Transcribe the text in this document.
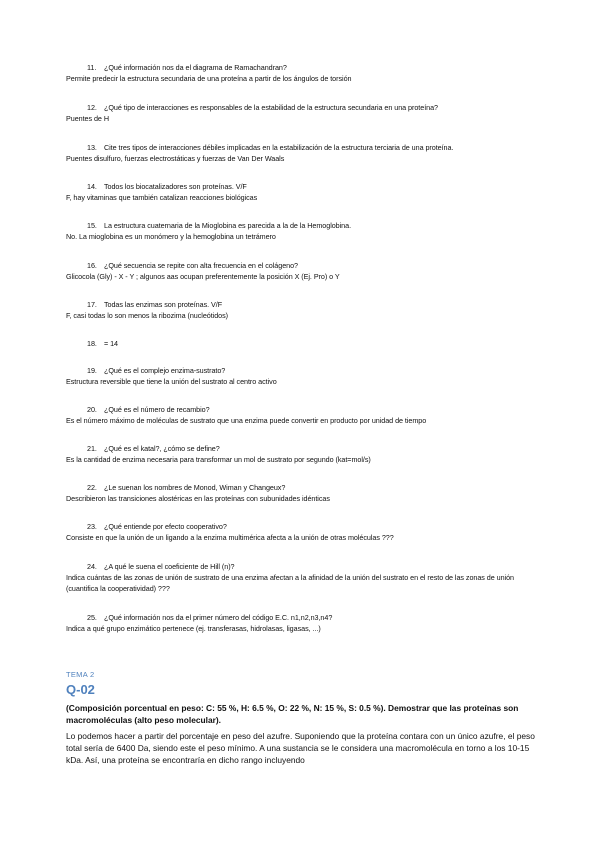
11. ¿Qué información nos da el diagrama de Ramachandran?
Permite predecir la estructura secundaria de una proteína a partir de los ángulos de torsión
12. ¿Qué tipo de interacciones es responsables de la estabilidad de la estructura secundaria en una proteína?
Puentes de H
13. Cite tres tipos de interacciones débiles implicadas en la estabilización de la estructura terciaria de una proteína.
Puentes disulfuro, fuerzas electrostáticas y fuerzas de Van Der Waals
14. Todos los biocatalizadores son proteínas. V/F
F, hay vitaminas que también catalizan reacciones biológicas
15. La estructura cuaternaria de la Mioglobina es parecida a la de la Hemoglobina.
No. La mioglobina es un monómero y la hemoglobina un tetrámero
16. ¿Qué secuencia se repite con alta frecuencia en el colágeno?
Glicocola (Gly) - X - Y ; algunos aas ocupan preferentemente la posición X (Ej. Pro) o Y
17. Todas las enzimas son proteínas. V/F
F, casi todas lo son menos la ribozima (nucleótidos)
18. = 14
19. ¿Qué es el complejo enzima-sustrato?
Estructura reversible que tiene la unión del sustrato al centro activo
20. ¿Qué es el número de recambio?
Es el número máximo de moléculas de sustrato que una enzima puede convertir en producto por unidad de tiempo
21. ¿Qué es el katal?, ¿cómo se define?
Es la cantidad de enzima necesaria para transformar un mol de sustrato por segundo (kat=mol/s)
22. ¿Le suenan los nombres de Monod, Wiman y Changeux?
Describieron las transiciones alostéricas en las proteínas con subunidades idénticas
23. ¿Qué entiende por efecto cooperativo?
Consiste en que la unión de un ligando a la enzima multimérica afecta a la unión de otras moléculas ???
24. ¿A qué le suena el coeficiente de Hill (n)?
Indica cuántas de las zonas de unión de sustrato de una enzima afectan a la afinidad de la unión del sustrato en el resto de las zonas de unión (cuantifica la cooperatividad) ???
25. ¿Qué información nos da el primer número del código E.C. n1,n2,n3,n4?
Indica a qué grupo enzimático pertenece (ej. transferasas, hidrolasas, ligasas, ...)
TEMA 2
Q-02
(Composición porcentual en peso: C: 55 %, H: 6.5 %, O: 22 %, N: 15 %, S: 0.5 %). Demostrar que las proteínas son macromoléculas (alto peso molecular).
Lo podemos hacer a partir del porcentaje en peso del azufre. Suponiendo que la proteína contara con un único azufre, el peso total sería de 6400 Da, siendo este el peso mínimo. A una sustancia se le considera una macromolécula en torno a los 10-15 kDa. Así, una proteína se encontraría en dicho rango incluyendo
